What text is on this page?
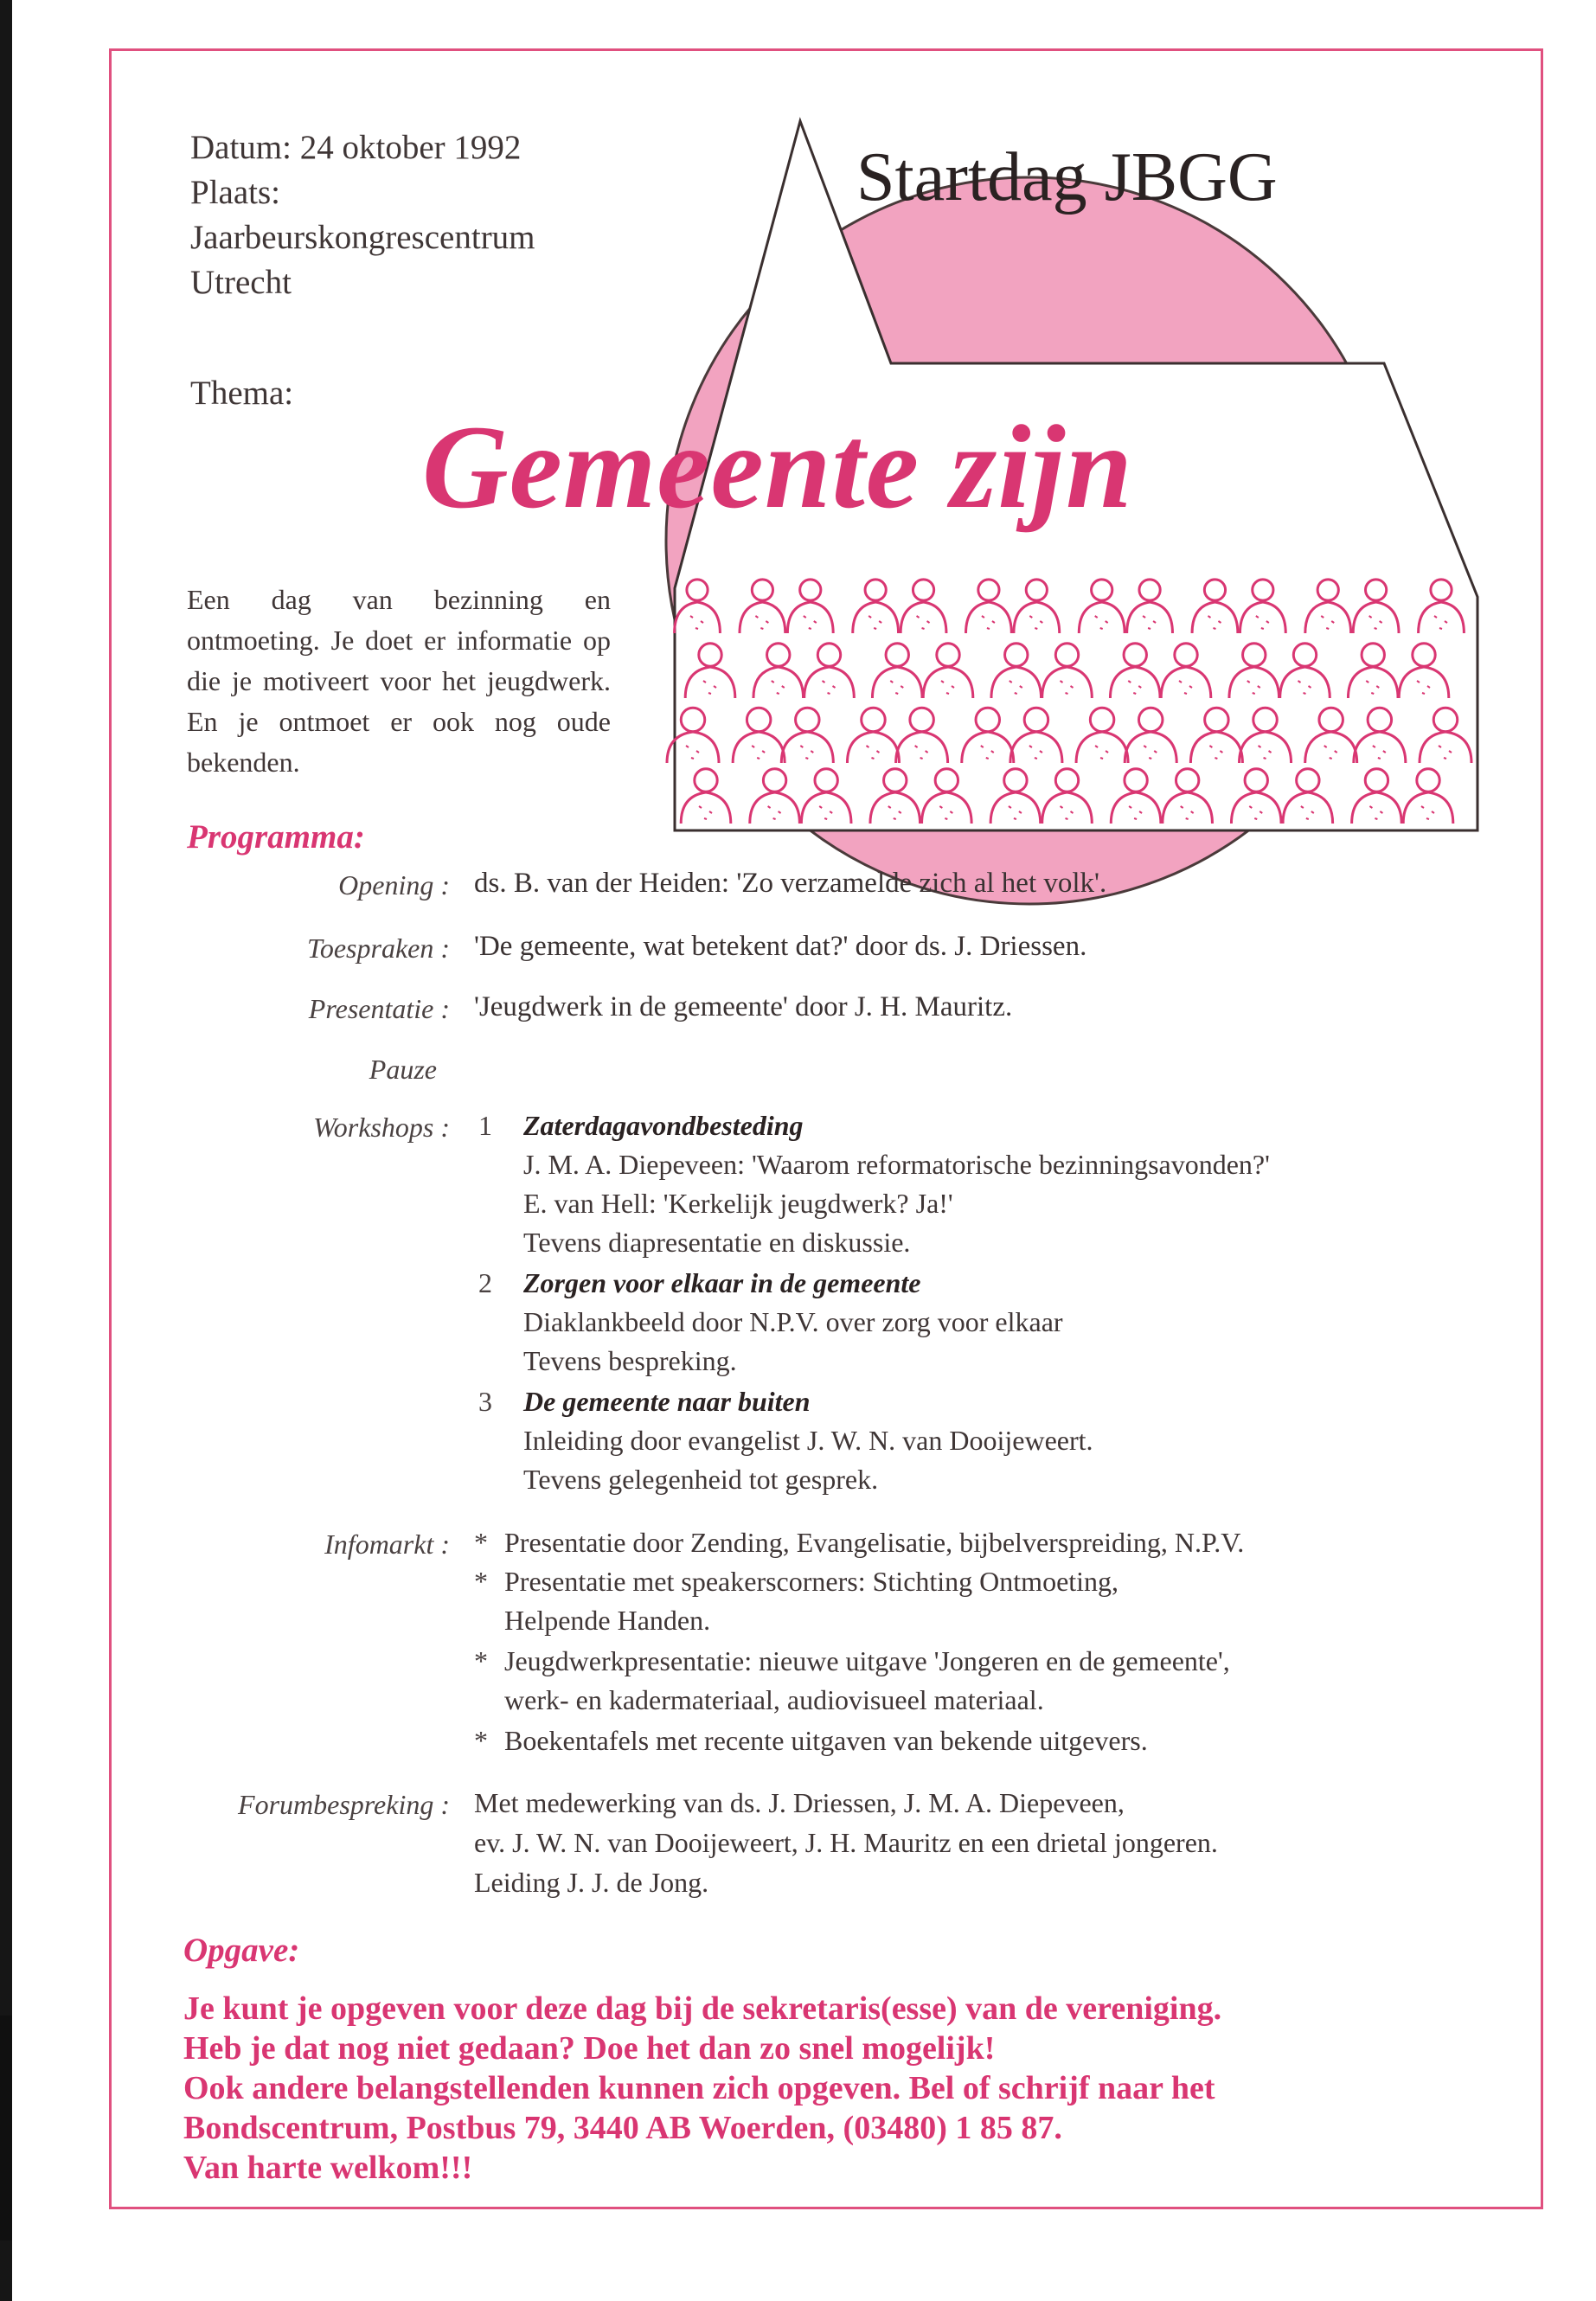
Datum: 24 oktober 1992
Plaats:
Jaarbeurskongrescentrum
Utrecht
Thema:
Startdag JBGG
Gemeente zijn
Een dag van bezinning en ontmoeting. Je doet er informatie op die je motiveert voor het jeugdwerk. En je ontmoet er ook nog oude bekenden.
Programma:
Opening : ds. B. van der Heiden: 'Zo verzamelde zich al het volk'.
Toespraken : 'De gemeente, wat betekent dat?' door ds. J. Driessen.
Presentatie : 'Jeugdwerk in de gemeente' door J. H. Mauritz.
Pauze
Workshops : 1 Zaterdagavondbesteding
J. M. A. Diepeveen: 'Waarom reformatorische bezinningsavonden?'
E. van Hell: 'Kerkelijk jeugdwerk? Ja!'
Tevens diapresentatie en diskussie.
2 Zorgen voor elkaar in de gemeente
Diaklankbeeld door N.P.V. over zorg voor elkaar
Tevens bespreking.
3 De gemeente naar buiten
Inleiding door evangelist J. W. N. van Dooijeweert.
Tevens gelegenheid tot gesprek.
Infomarkt : * Presentatie door Zending, Evangelisatie, bijbelverspreiding, N.P.V.
* Presentatie met speakerscorners: Stichting Ontmoeting,
Helpende Handen.
* Jeugdwerkpresentatie: nieuwe uitgave 'Jongeren en de gemeente',
werk- en kadermateriaal, audiovisueel materiaal.
* Boekentafels met recente uitgaven van bekende uitgevers.
Forumbespreking : Met medewerking van ds. J. Driessen, J. M. A. Diepeveen,
ev. J. W. N. van Dooijeweert, J. H. Mauritz en een drietal jongeren.
Leiding J. J. de Jong.
Opgave:
Je kunt je opgeven voor deze dag bij de sekretaris(esse) van de vereniging.
Heb je dat nog niet gedaan? Doe het dan zo snel mogelijk!
Ook andere belangstellenden kunnen zich opgeven. Bel of schrijf naar het
Bondscentrum, Postbus 79, 3440 AB Woerden, (03480) 1 85 87.
Van harte welkom!!!
